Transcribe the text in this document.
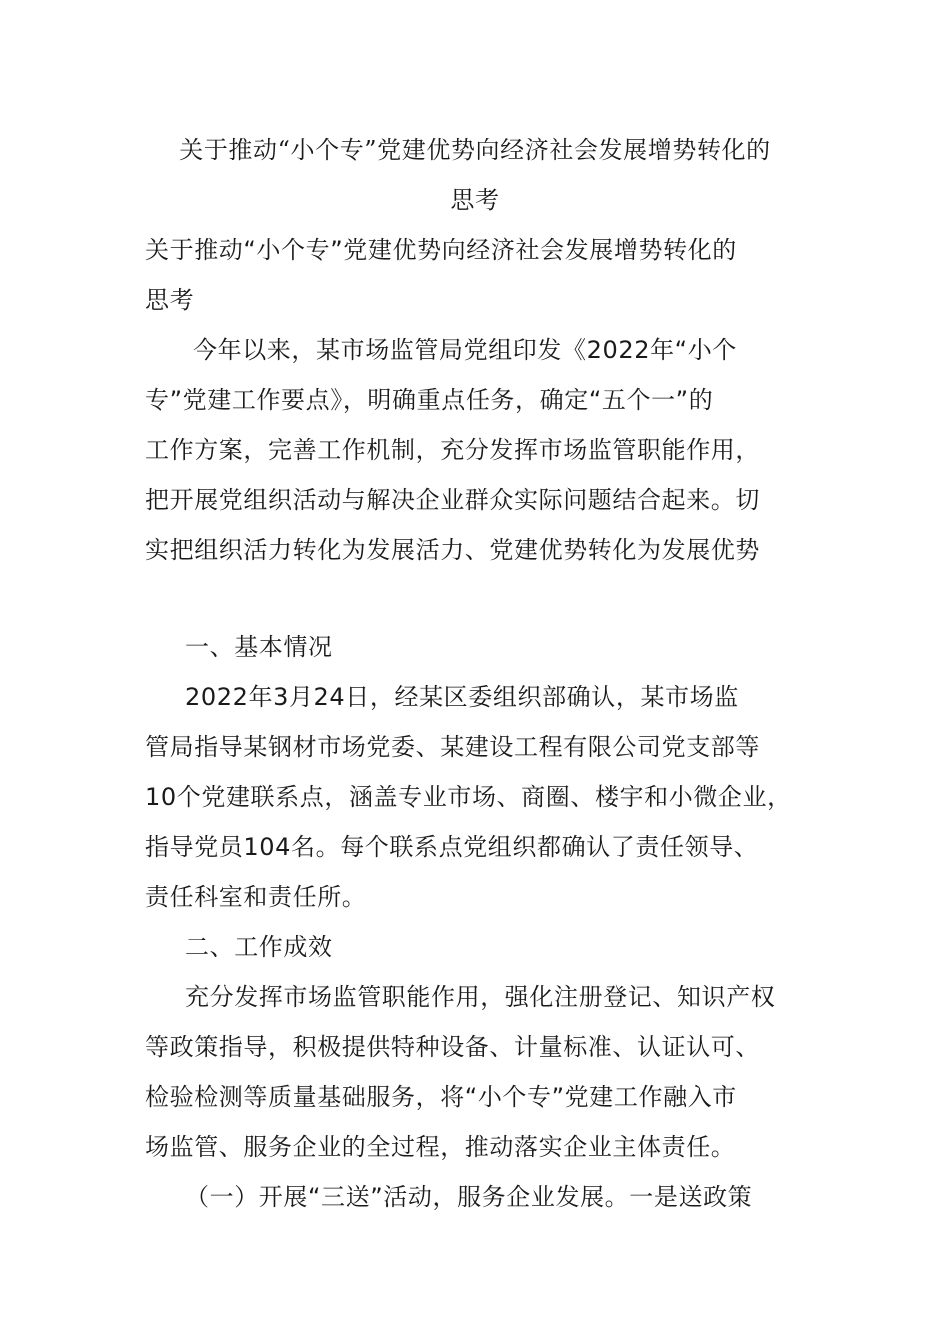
关于推动“小个专”党建优势向经济社会发展增势转化的
思考
关于推动“小个专”党建优势向经济社会发展增势转化的
思考
今年以来，某市场监管局党组印发《2022年“小个
专”党建工作要点》，明确重点任务，确定“五个一”的
工作方案，完善工作机制，充分发挥市场监管职能作用，
把开展党组织活动与解决企业群众实际问题结合起来。切
实把组织活力转化为发展活力、党建优势转化为发展优势
一、基本情况
2022年3月24日，经某区委组织部确认，某市场监
管局指导某钢材市场党委、某建设工程有限公司党支部等
10个党建联系点，涵盖专业市场、商圈、楼宇和小微企业，
指导党员104名。每个联系点党组织都确认了责任领导、
责任科室和责任所。
二、工作成效
充分发挥市场监管职能作用，强化注册登记、知识产权
等政策指导，积极提供特种设备、计量标准、认证认可、
检验检测等质量基础服务，将“小个专”党建工作融入市
场监管、服务企业的全过程，推动落实企业主体责任。
（一）开展“三送”活动，服务企业发展。一是送政策
